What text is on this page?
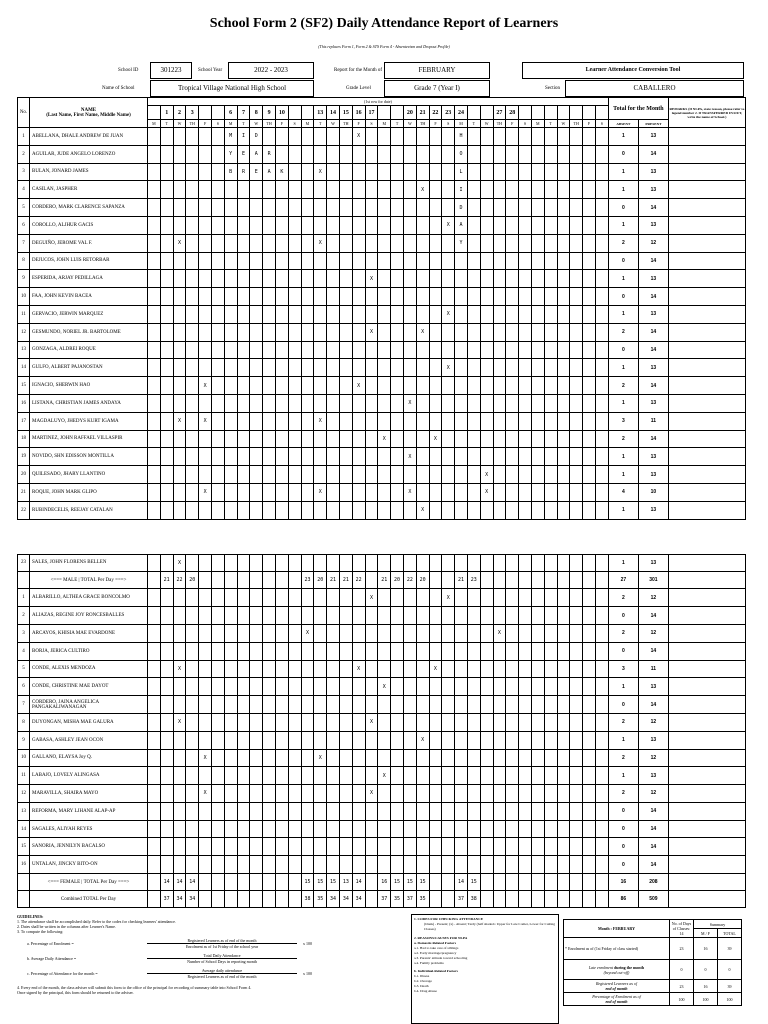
School Form 2 (SF2) Daily Attendance Report of Learners
(This replaces Form 1, Form 2 & STS Form 4 - Absenteeism and Dropout Profile)
School ID	301223	School Year	2022 - 2023	Report for the Month of	FEBRUARY	Learner Attendance Conversion Tool
Name of School	Tropical Village National High School	Grade Level	Grade 7 (Year I)	Section	CABALLERO
No.	NAME
(Last Name, First Name, Middle Name)	(1st row for date)																																				Total for the Month		REMARKS (If NLPA, state reason, please refer to legend number 2. If TRANSFERRED IN/OUT, write the name of School.)
			1	2	3			6	7	8	9	10			13	14	15	16	17			20	21	22	23	24			27	28										
		M	T	W	TH	F	S	M	T	W	TH	F	S	M	T	W	TH	F	S	M	T	W	TH	F	S	M	T	W	TH	F	S	M	T	W	TH	F	S	ABSENT	PRESENT	
1	ABELLANA, DHALE ANDREW DE JUAN							M	I	D								X								H												1	13	
2	AGUILAR, JUDE ANGELO LORENZO							Y	E	A	R															O												0	14	
3	BULAN, JONARD JAMES							B	R	E	A	K			X											L												1	13	
4	CASILAN, JASPHER																						X			I												1	13	
5	CORDERO, MARK CLARENCE SAPANZA																									D												0	14	
6	COROLLO, ALJHUR GACIS																								X	A												1	13	
7	DEGUIÑO, JEROME VAL F.			X											X											Y												2	12	
8	DEJUCOS, JOHN LUIS RETORBAR																																					0	14	
9	ESPERIDA, ARJAY PEDILLAGA																		X																			1	13	
10	FAA, JOHN KEVIN BACEA																																					0	14	
11	GERVACIO, JERWIN MARQUEZ																								X													1	13	
12	GESMUNDO, NORIEL JR. BARTOLOME																		X				X															2	14	
13	GONZAGA, ALDREI ROQUE																																					0	14	
14	GULFO, ALBERT PAJANOSTAN																								X													1	13	
15	IGNACIO, SHERWIN HAO					X												X																				2	14	
16	LISTANA, CHRISTIAN JAMES ANDAYA																					X																1	13	
17	MAGDALUYO, JHEDYS KURT IGAMA			X		X									X																							3	11	
18	MARTINEZ, JOHN RAFFAEL VILLASPIR																			X				X														2	14	
19	NOVIDO, SHN EDISSON MONTILLA																					X																1	13	
20	QUILESADO, JHARY LLANTINO																											X										1	13	
21	ROQUE, JOHN MARK GLIPO					X									X							X						X										4	10	
22	RUBINDECELIS, REEJAY CATALAN																						X															1	13	

23	SALES, JOHN FLORENS BELLEN			X																																		1	13	
	<=== MALE | TOTAL Per Day ===>		21	22	20									23	20	21	21	22		21	20	22	20			21	23											27	301	
1	ALBARILLO, ALTHEA GRACE BONCOLMO																		X						X													2	12	
2	ALIAZAS, REGINE JOY RONCESBALLES																																					0	14	
3	ARCAYOS, KHISIA MAE EVARDONE													X															X									2	12	
4	BORJA, JERICA CULTIRO																																					0	14	
5	CONDE, ALEXIS MENDOZA			X														X						X														3	11	
6	CONDE, CHRISTINE MAE DAYOT																			X																		1	13	
7	CORDERO, JAINA ANGELICA PANGAKALIWANAGAN																																					0	14	
8	DUYONGAN, MISHA MAE GALURA			X															X																			2	12	
9	GABASA, ASHLEY JEAN OCON																						X															1	13	
10	GALLANO, ELAYSA Joy Q.					X									X																							2	12	
11	LABAJO, LOVELY ALINGASA																			X																		1	13	
12	MARAVILLA, SHAIRA MAYO					X													X																			2	12	
13	REFORMA, MARY LJHANE ALAP-AP																																					0	14	
14	SAGALES, ALIYAH REYES																																					0	14	
15	SANORIA, JENNILYN BACALSO																																					0	14	
16	UNTALAN, JINCKY BITO-ON																																					0	14	
	<=== FEMALE | TOTAL Per Day ===>		14	14	14									15	15	15	13	14		16	15	15	15			14	15											16	208	
	Combined TOTAL Per Day		37	34	34									38	35	34	34	34		37	35	37	35			37	38											86	509	
GUIDELINES:
1. The attendance shall be accomplished daily. Refer to the codes for checking learners' attendance.
2. Dates shall be written in the columns after Learner's Name.
3. To compute the following:
a. Percentage of Enrolment =
Registered Learners as of end of the month
Enrolment as of 1st Friday of the school year
x 100
b. Average Daily Attendance =
Total Daily Attendance
Number of School Days in reporting month
c. Percentage of Attendance for the month =
Average daily attendance
Registered Learners as of end of the month
x 100
4. Every end of the month, the class adviser will submit this form to the office of the principal for recording of summary table into School Form 4.
Once signed by the principal, this form should be returned to the adviser.
1. CODES FOR CHECKING ATTENDANCE
(blank) - Present; (x) - Absent; Tardy (half shaded= Upper for Late Comer, Lower for Cutting Classes)
2. REASONS/CAUSES FOR NLPA
a. Domestic-Related Factors
a.1. Had to take care of siblings
a.2. Early marriage/pregnancy
a.3. Parents' attitude toward schooling
a.4. Family problems
b. Individual-Related Factors
b.1. Illness
b.2. Overage
b.3. Death
b.4. Drug Abuse
Month : FEBRUARY	No. of Days of Classes: 14	Summary	
		M / F	TOTAL
* Enrolment as of (1st Friday of class started)	23	16	39
Late enrolment during the month
(beyond cut-off)	0	0	0
Registered Learners as of
end of month	23	16	39
Percentage of Enrolment as of
end of month	100	100	100
